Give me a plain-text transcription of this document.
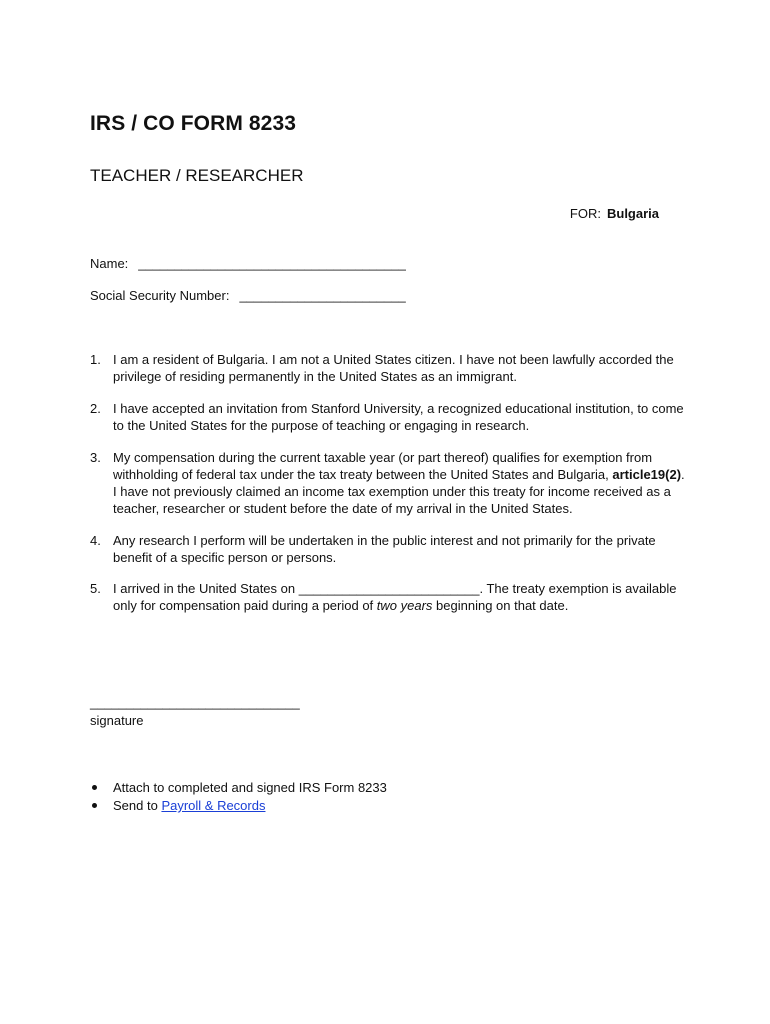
IRS / CO FORM 8233
TEACHER / RESEARCHER
FOR: Bulgaria
Name: _____________________________________
Social Security Number: _______________________
1. I am a resident of Bulgaria. I am not a United States citizen. I have not been lawfully accorded the privilege of residing permanently in the United States as an immigrant.
2. I have accepted an invitation from Stanford University, a recognized educational institution, to come to the United States for the purpose of teaching or engaging in research.
3. My compensation during the current taxable year (or part thereof) qualifies for exemption from withholding of federal tax under the tax treaty between the United States and Bulgaria, article19(2). I have not previously claimed an income tax exemption under this treaty for income received as a teacher, researcher or student before the date of my arrival in the United States.
4. Any research I perform will be undertaken in the public interest and not primarily for the private benefit of a specific person or persons.
5. I arrived in the United States on _________________________. The treaty exemption is available only for compensation paid during a period of two years beginning on that date.
_____________________________
signature
Attach to completed and signed IRS Form 8233
Send to Payroll & Records
